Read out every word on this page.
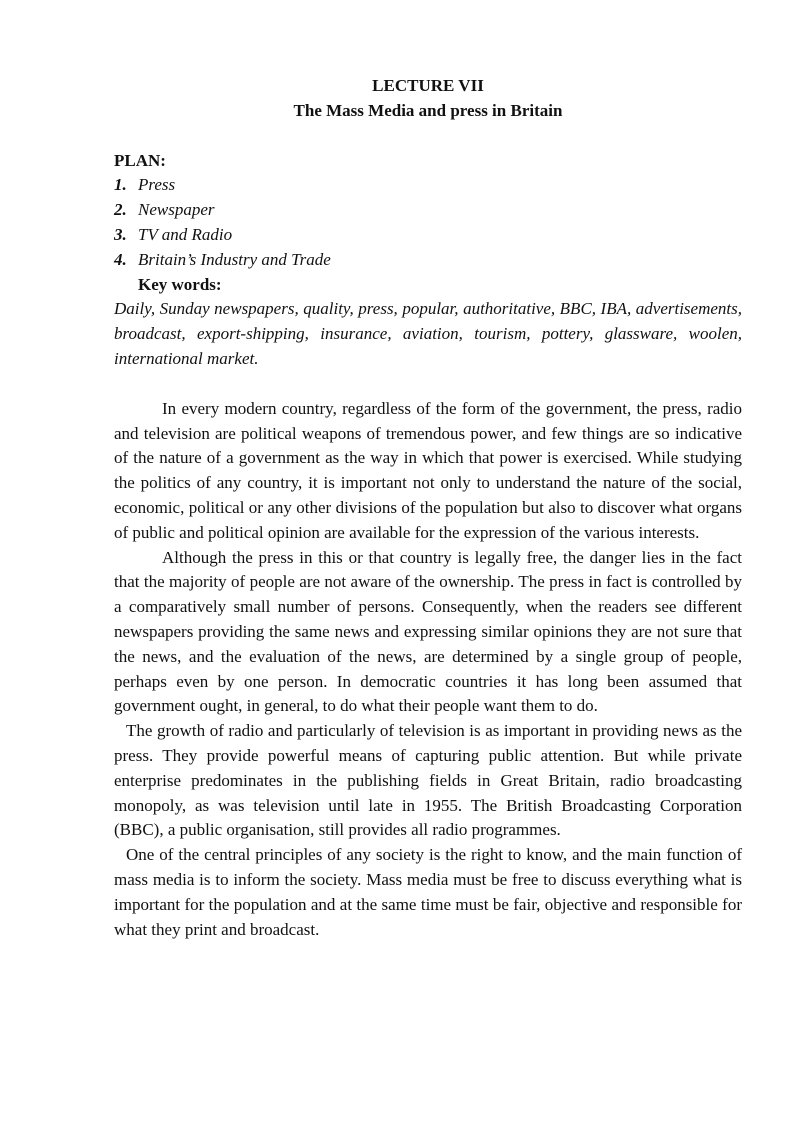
LECTURE VII

The Mass Media and press in Britain

PLAN:

1. Press
2. Newspaper
3. TV and Radio
4. Britain’s Industry and Trade

Key words:

Daily, Sunday newspapers, quality, press, popular, authoritative, BBC, IBA, advertisements, broadcast, export-shipping, insurance, aviation, tourism, pottery, glassware, woolen, international market.

In every modern country, regardless of the form of the government, the press, radio and television are political weapons of tremendous power, and few things are so indicative of the nature of a government as the way in which that power is exercised. While studying the politics of any country, it is important not only to understand the nature of the social, economic, political or any other divisions of the population but also to discover what organs of public and political opinion are available for the expression of the various interests.

Although the press in this or that country is legally free, the danger lies in the fact that the majority of people are not aware of the ownership. The press in fact is controlled by a comparatively small number of persons. Consequently, when the readers see different newspapers providing the same news and expressing similar opinions they are not sure that the news, and the evaluation of the news, are determined by a single group of people, perhaps even by one person. In democratic countries it has long been assumed that government ought, in general, to do what their people want them to do.

The growth of radio and particularly of television is as important in providing news as the press. They provide powerful means of capturing public attention. But while private enterprise predominates in the publishing fields in Great Britain, radio broadcasting monopoly, as was television until late in 1955. The British Broadcasting Corporation (BBC), a public organisation, still provides all radio programmes.

One of the central principles of any society is the right to know, and the main function of mass media is to inform the society. Mass media must be free to discuss everything what is important for the population and at the same time must be fair, objective and responsible for what they print and broadcast.
